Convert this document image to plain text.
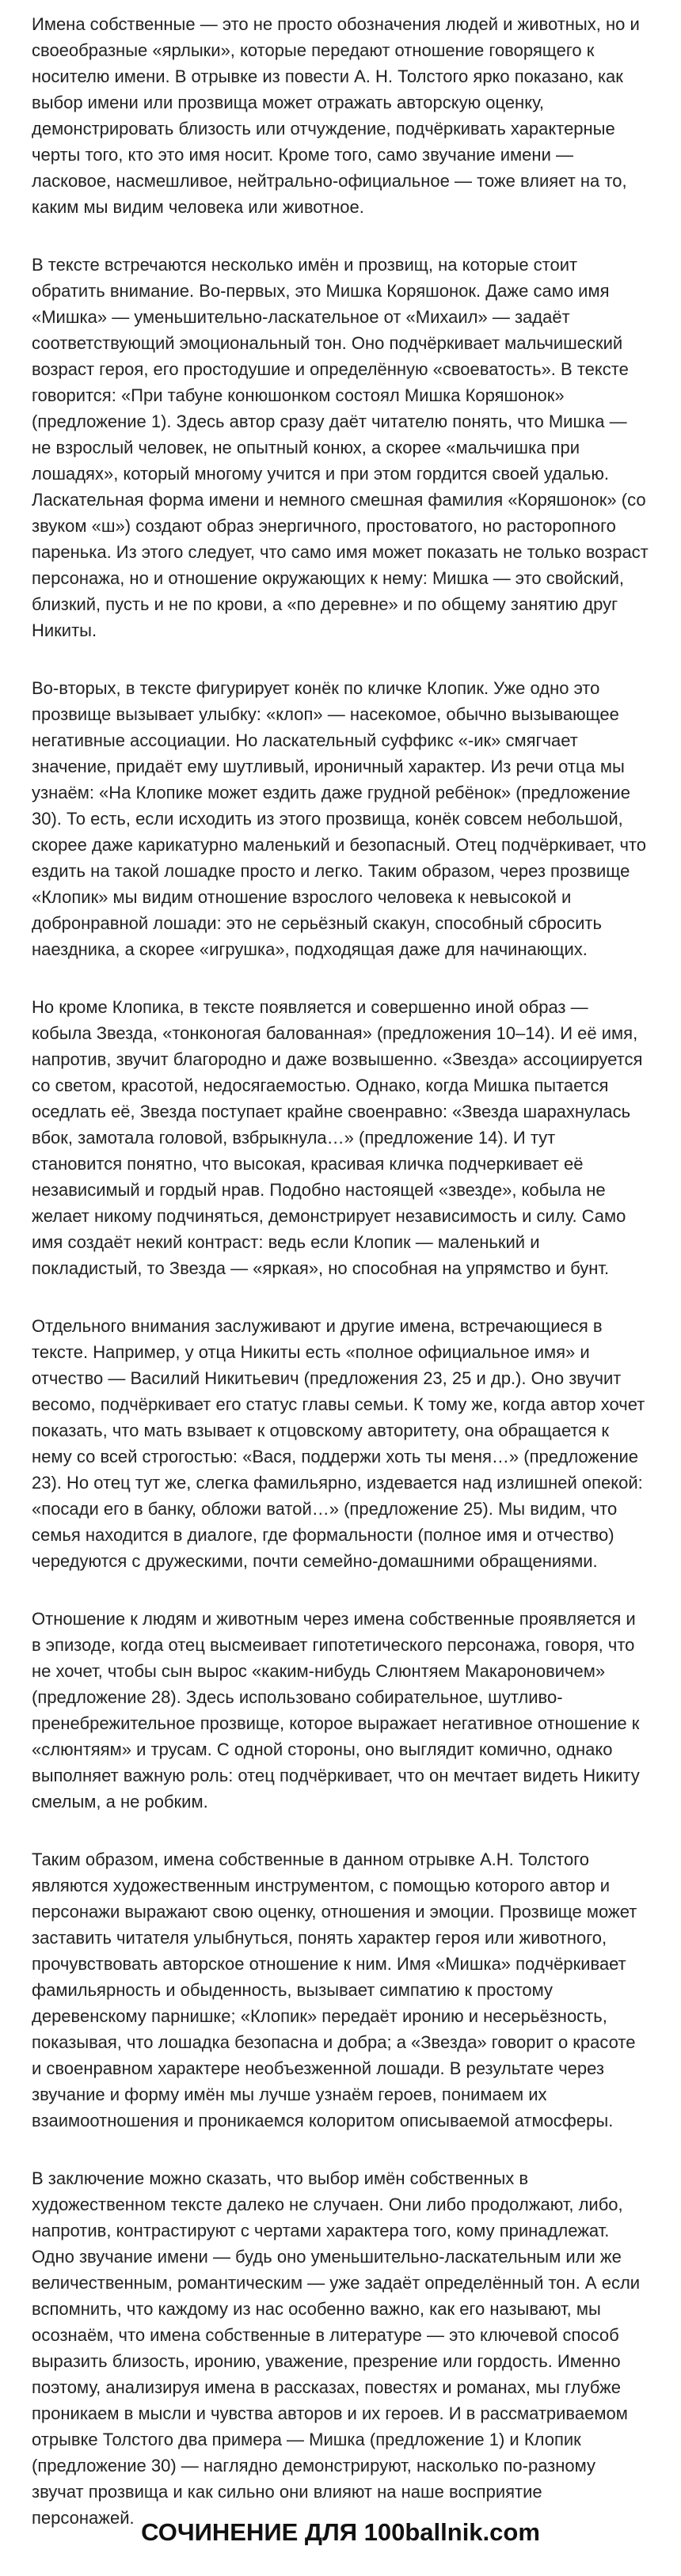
Имена собственные — это не просто обозначения людей и животных, но и своеобразные «ярлыки», которые передают отношение говорящего к носителю имени. В отрывке из повести А. Н. Толстого ярко показано, как выбор имени или прозвища может отражать авторскую оценку, демонстрировать близость или отчуждение, подчёркивать характерные черты того, кто это имя носит. Кроме того, само звучание имени — ласковое, насмешливое, нейтрально-официальное — тоже влияет на то, каким мы видим человека или животное.

В тексте встречаются несколько имён и прозвищ, на которые стоит обратить внимание. Во-первых, это Мишка Коряшонок. Даже само имя «Мишка» — уменьшительно-ласкательное от «Михаил» — задаёт соответствующий эмоциональный тон. Оно подчёркивает мальчишеский возраст героя, его простодушие и определённую «своеватость». В тексте говорится: «При табуне конюшонком состоял Мишка Коряшонок» (предложение 1). Здесь автор сразу даёт читателю понять, что Мишка — не взрослый человек, не опытный конюх, а скорее «мальчишка при лошадях», который многому учится и при этом гордится своей удалью. Ласкательная форма имени и немного смешная фамилия «Коряшонок» (со звуком «ш») создают образ энергичного, простоватого, но расторопного паренька. Из этого следует, что само имя может показать не только возраст персонажа, но и отношение окружающих к нему: Мишка — это свойский, близкий, пусть и не по крови, а «по деревне» и по общему занятию друг Никиты.

Во-вторых, в тексте фигурирует конёк по кличке Клопик. Уже одно это прозвище вызывает улыбку: «клоп» — насекомое, обычно вызывающее негативные ассоциации. Но ласкательный суффикс «-ик» смягчает значение, придаёт ему шутливый, ироничный характер. Из речи отца мы узнаём: «На Клопике может ездить даже грудной ребёнок» (предложение 30). То есть, если исходить из этого прозвища, конёк совсем небольшой, скорее даже карикатурно маленький и безопасный. Отец подчёркивает, что ездить на такой лошадке просто и легко. Таким образом, через прозвище «Клопик» мы видим отношение взрослого человека к невысокой и добронравной лошади: это не серьёзный скакун, способный сбросить наездника, а скорее «игрушка», подходящая даже для начинающих.

Но кроме Клопика, в тексте появляется и совершенно иной образ — кобыла Звезда, «тонконогая балованная» (предложения 10–14). И её имя, напротив, звучит благородно и даже возвышенно. «Звезда» ассоциируется со светом, красотой, недосягаемостью. Однако, когда Мишка пытается оседлать её, Звезда поступает крайне своенравно: «Звезда шарахнулась вбок, замотала головой, взбрыкнула…» (предложение 14). И тут становится понятно, что высокая, красивая кличка подчеркивает её независимый и гордый нрав. Подобно настоящей «звезде», кобыла не желает никому подчиняться, демонстрирует независимость и силу. Само имя создаёт некий контраст: ведь если Клопик — маленький и покладистый, то Звезда — «яркая», но способная на упрямство и бунт.

Отдельного внимания заслуживают и другие имена, встречающиеся в тексте. Например, у отца Никиты есть «полное официальное имя» и отчество — Василий Никитьевич (предложения 23, 25 и др.). Оно звучит весомо, подчёркивает его статус главы семьи. К тому же, когда автор хочет показать, что мать взывает к отцовскому авторитету, она обращается к нему со всей строгостью: «Вася, поддержи хоть ты меня…» (предложение 23). Но отец тут же, слегка фамильярно, издевается над излишней опекой: «посади его в банку, обложи ватой…» (предложение 25). Мы видим, что семья находится в диалоге, где формальности (полное имя и отчество) чередуются с дружескими, почти семейно-домашними обращениями.

Отношение к людям и животным через имена собственные проявляется и в эпизоде, когда отец высмеивает гипотетического персонажа, говоря, что не хочет, чтобы сын вырос «каким-нибудь Слюнтяем Макароновичем» (предложение 28). Здесь использовано собирательное, шутливо-пренебрежительное прозвище, которое выражает негативное отношение к «слюнтяям» и трусам. С одной стороны, оно выглядит комично, однако выполняет важную роль: отец подчёркивает, что он мечтает видеть Никиту смелым, а не робким.

Таким образом, имена собственные в данном отрывке А.Н. Толстого являются художественным инструментом, с помощью которого автор и персонажи выражают свою оценку, отношения и эмоции. Прозвище может заставить читателя улыбнуться, понять характер героя или животного, прочувствовать авторское отношение к ним. Имя «Мишка» подчёркивает фамильярность и обыденность, вызывает симпатию к простому деревенскому парнишке; «Клопик» передаёт иронию и несерьёзность, показывая, что лошадка безопасна и добра; а «Звезда» говорит о красоте и своенравном характере необъезженной лошади. В результате через звучание и форму имён мы лучше узнаём героев, понимаем их взаимоотношения и проникаемся колоритом описываемой атмосферы.

В заключение можно сказать, что выбор имён собственных в художественном тексте далеко не случаен. Они либо продолжают, либо, напротив, контрастируют с чертами характера того, кому принадлежат. Одно звучание имени — будь оно уменьшительно-ласкательным или же величественным, романтическим — уже задаёт определённый тон. А если вспомнить, что каждому из нас особенно важно, как его называют, мы осознаём, что имена собственные в литературе — это ключевой способ выразить близость, иронию, уважение, презрение или гордость. Именно поэтому, анализируя имена в рассказах, повестях и романах, мы глубже проникаем в мысли и чувства авторов и их героев. И в рассматриваемом отрывке Толстого два примера — Мишка (предложение 1) и Клопик (предложение 30) — наглядно демонстрируют, насколько по-разному звучат прозвища и как сильно они влияют на наше восприятие персонажей.

СОЧИНЕНИЕ ДЛЯ 100ballnik.com
